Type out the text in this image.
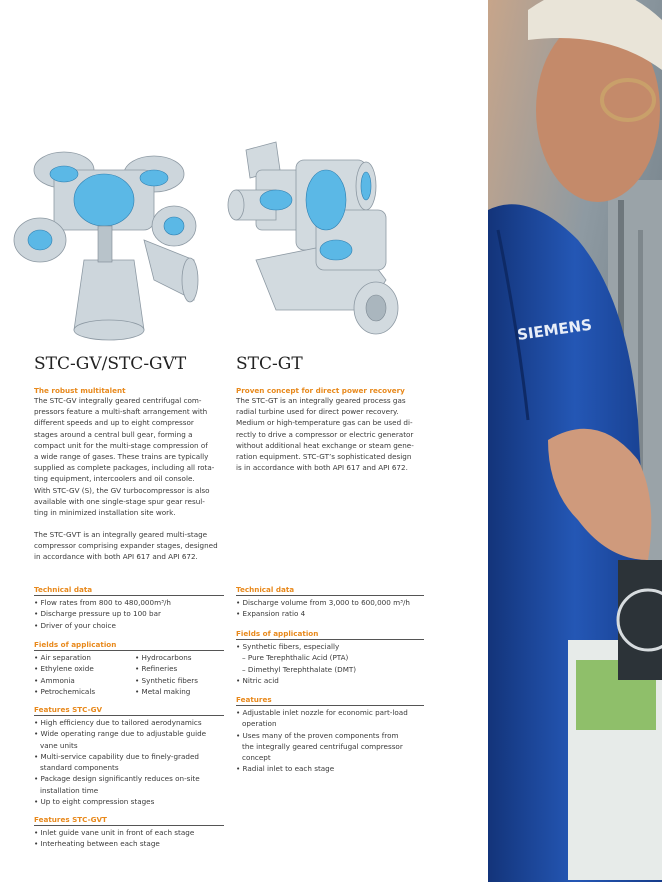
SIEMENS
STC-GV/STC-GVT	STC-GT
The robust multitalent
The STC-GV integrally geared centrifugal com-
pressors feature a multi-shaft arrangement with
different speeds and up to eight compressor
stages around a central bull gear, forming a
compact unit for the multi-stage compression of
a wide range of gases. These trains are typically
supplied as complete packages, including all rota-
ting equipment, intercoolers and oil console.
With STC-GV (S), the GV turbocompressor is also
available with one single-stage spur gear resul-
ting in minimized installation site work.
The STC-GVT is an integrally geared multi-stage
compressor comprising expander stages, designed
in accordance with both API 617 and API 672.
Proven concept for direct power recovery
The STC-GT is an integrally geared process gas
radial turbine used for direct power recovery.
Medium or high-temperature gas can be used di-
rectly to drive a compressor or electric generator
without additional heat exchange or steam gene-
ration equipment. STC-GT’s sophisticated design
is in accordance with both API 617 and API 672.
Technical data
• Flow rates from 800 to 480,000m³/h
• Discharge pressure up to 100 bar
• Driver of your choice
Fields of application
• Air separation	• Hydrocarbons
• Ethylene oxide	• Refineries
• Ammonia	• Synthetic fibers
• Petrochemicals	• Metal making
Features STC-GV
• High efficiency due to tailored aerodynamics
• Wide operating range due to adjustable guide
vane units
• Multi-service capability due to finely-graded
standard components
• Package design significantly reduces on-site
installation time
• Up to eight compression stages
Features STC-GVT
• Inlet guide vane unit in front of each stage
• Interheating between each stage
Technical data
• Discharge volume from 3,000 to 600,000 m³/h
• Expansion ratio 4
Fields of application
• Synthetic fibers, especially
– Pure Terephthalic Acid (PTA)
– Dimethyl Terephthalate (DMT)
• Nitric acid
Features
• Adjustable inlet nozzle for economic part-load
operation
• Uses many of the proven components from
the integrally geared centrifugal compressor
concept
• Radial inlet to each stage
